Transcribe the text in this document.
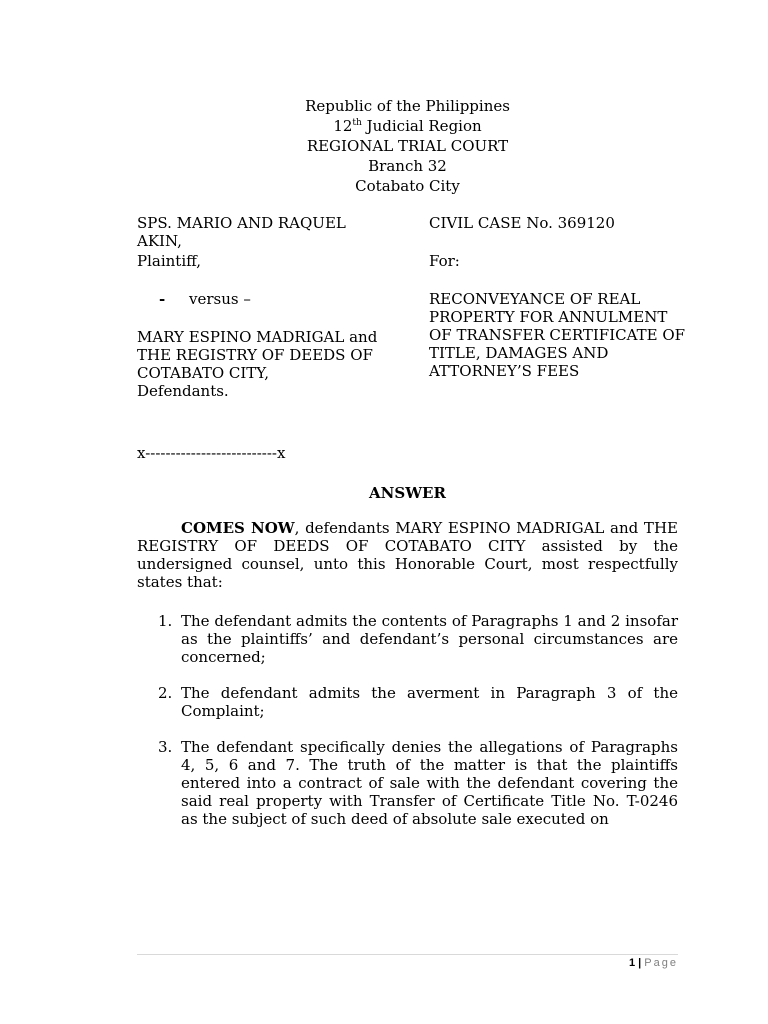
Republic of the Philippines
12th Judicial Region
REGIONAL TRIAL COURT
Branch 32
Cotabato City
SPS. MARIO AND RAQUEL AKIN,
Plaintiff,
- versus –
MARY ESPINO MADRIGAL and THE REGISTRY OF DEEDS OF COTABATO CITY,
Defendants.
CIVIL CASE No. 369120
For:
RECONVEYANCE OF REAL PROPERTY FOR ANNULMENT OF TRANSFER CERTIFICATE OF TITLE, DAMAGES AND ATTORNEY’S FEES
x--------------------------x
ANSWER
COMES NOW, defendants MARY ESPINO MADRIGAL and THE REGISTRY OF DEEDS OF COTABATO CITY assisted by the undersigned counsel, unto this Honorable Court, most respectfully states that:
1. The defendant admits the contents of Paragraphs 1 and 2 insofar as the plaintiffs’ and defendant’s personal circumstances are concerned;
2. The defendant admits the averment in Paragraph 3 of the Complaint;
3. The defendant specifically denies the allegations of Paragraphs 4, 5, 6 and 7. The truth of the matter is that the plaintiffs entered into a contract of sale with the defendant covering the said real property with Transfer of Certificate Title No. T-0246 as the subject of such deed of absolute sale executed on
1 | Page
